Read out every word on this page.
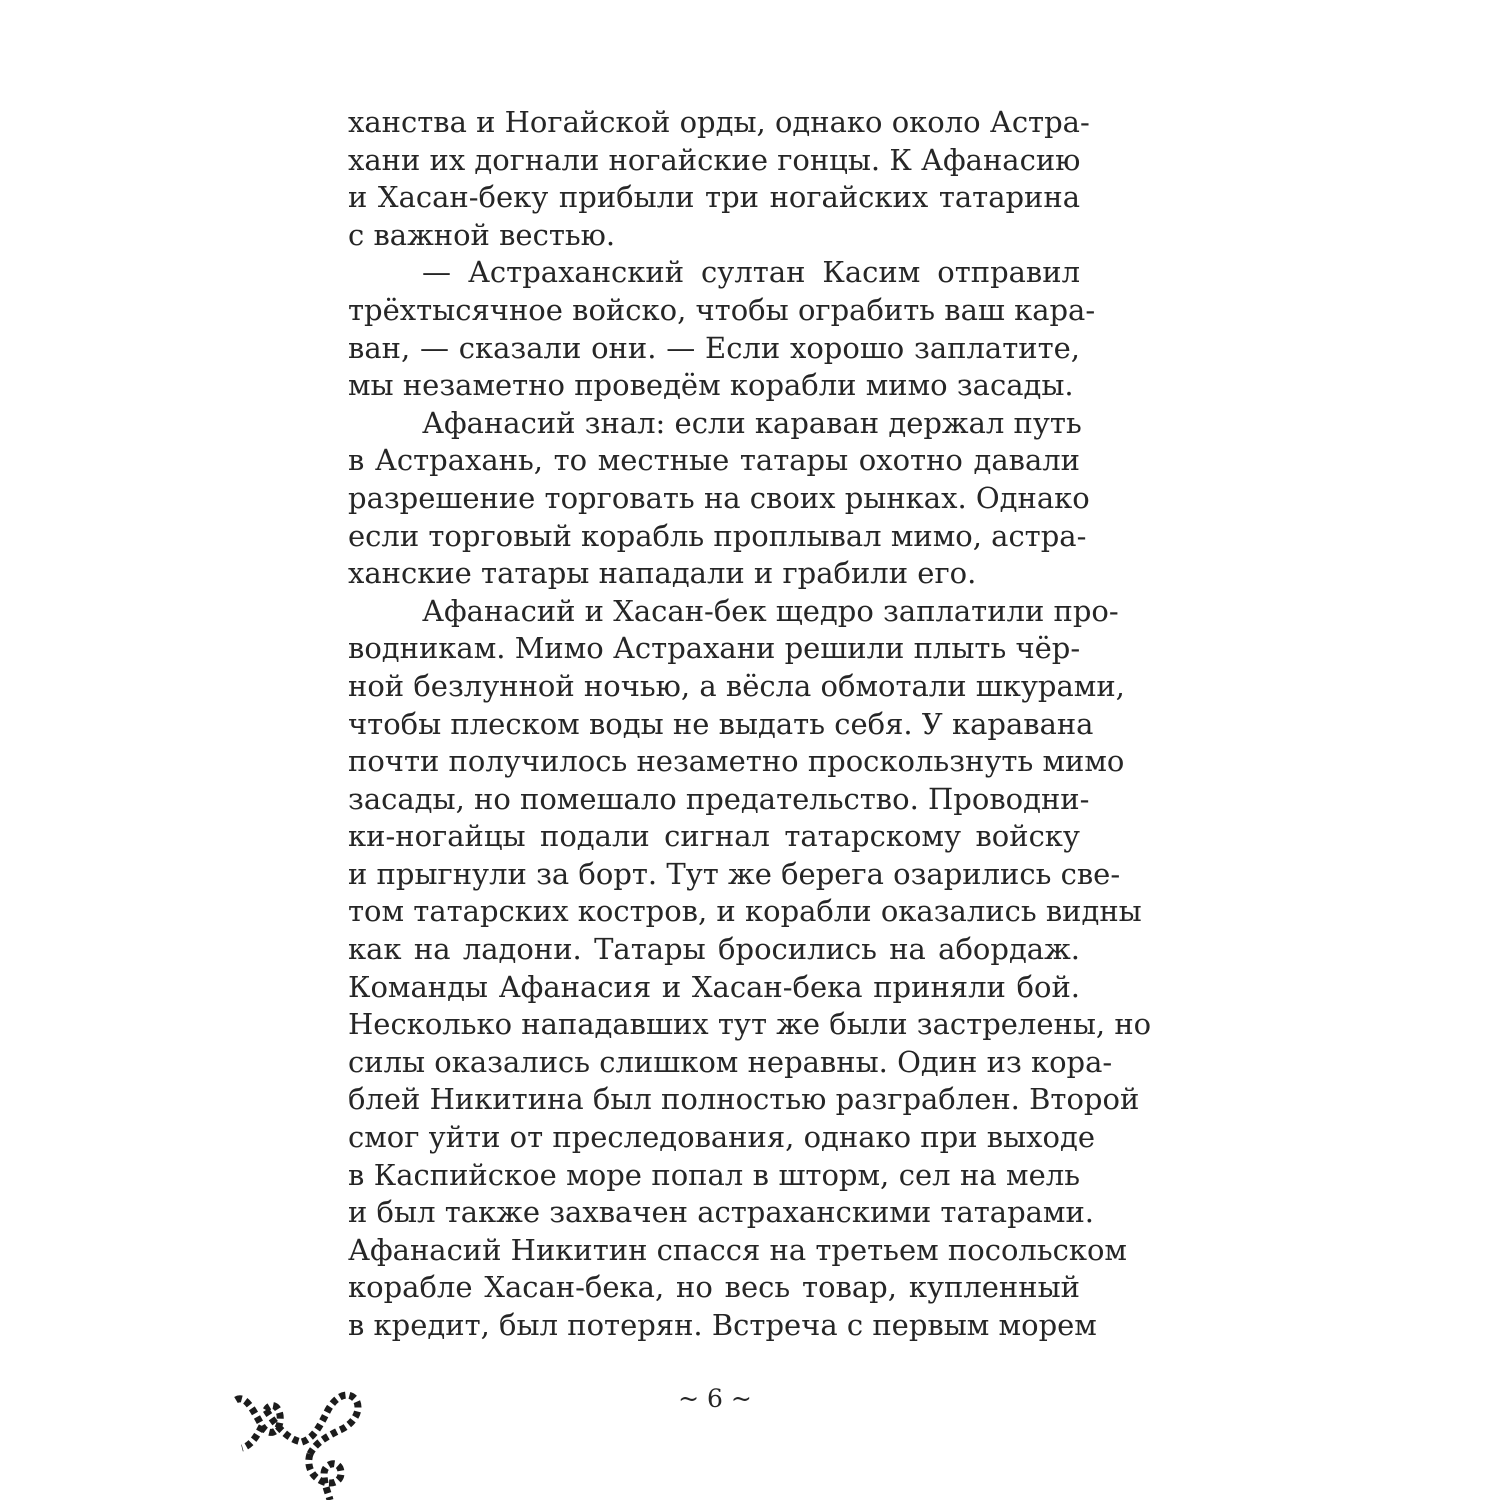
ханства и Ногайской орды, однако около Астра-
хани их догнали ногайские гонцы. К Афанасию
и Хасан-беку прибыли три ногайских татарина
с важной вестью.
— Астраханский султан Касим отправил
трёхтысячное войско, чтобы ограбить ваш кара-
ван, — сказали они. — Если хорошо заплатите,
мы незаметно проведём корабли мимо засады.
Афанасий знал: если караван держал путь
в Астрахань, то местные татары охотно давали
разрешение торговать на своих рынках. Однако
если торговый корабль проплывал мимо, астра-
ханские татары нападали и грабили его.
Афанасий и Хасан-бек щедро заплатили про-
водникам. Мимо Астрахани решили плыть чёр-
ной безлунной ночью, а вёсла обмотали шкурами,
чтобы плеском воды не выдать себя. У каравана
почти получилось незаметно проскользнуть мимо
засады, но помешало предательство. Проводни-
ки-ногайцы подали сигнал татарскому войску
и прыгнули за борт. Тут же берега озарились све-
том татарских костров, и корабли оказались видны
как на ладони. Татары бросились на абордаж.
Команды Афанасия и Хасан-бека приняли бой.
Несколько нападавших тут же были застрелены, но
силы оказались слишком неравны. Один из кора-
блей Никитина был полностью разграблен. Второй
смог уйти от преследования, однако при выходе
в Каспийское море попал в шторм, сел на мель
и был также захвачен астраханскими татарами.
Афанасий Никитин спасся на третьем посольском
корабле Хасан-бека, но весь товар, купленный
в кредит, был потерян. Встреча с первым морем
~ 6 ~
